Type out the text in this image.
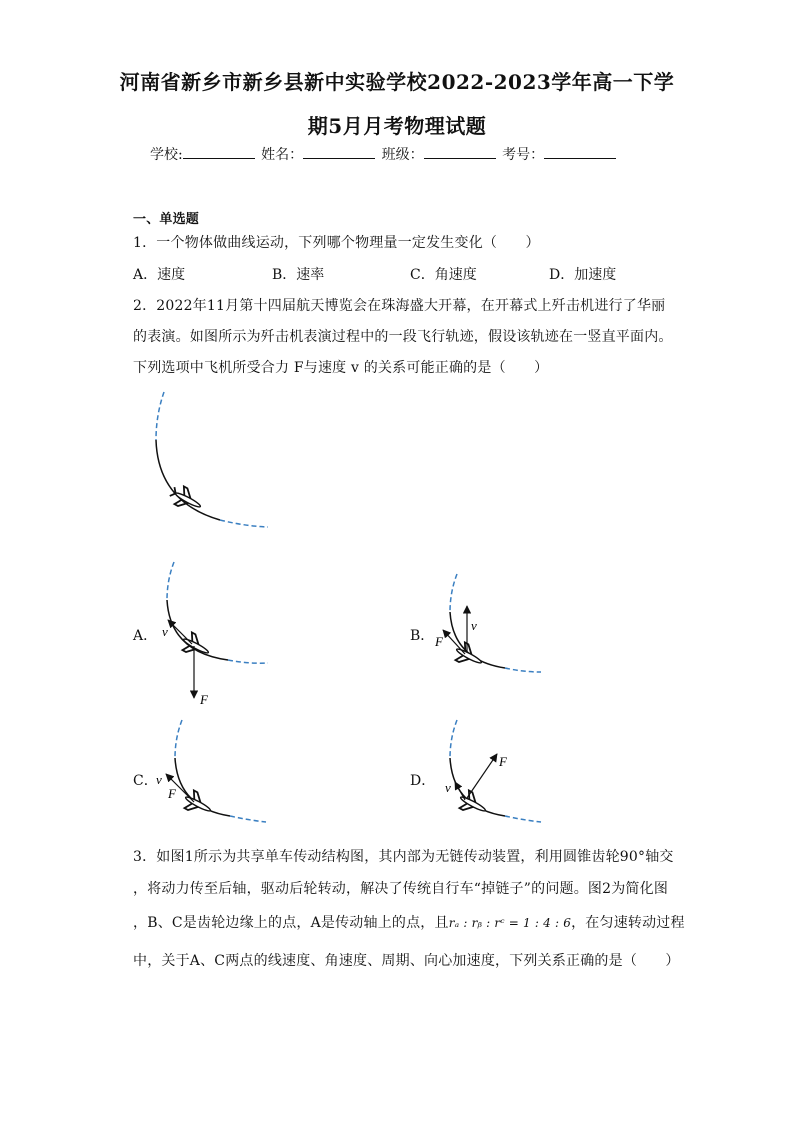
河南省新乡市新乡县新中实验学校2022-2023学年高一下学
期5月月考物理试题
学校:	姓名：	班级：	考号：
一、单选题
1．一个物体做曲线运动，下列哪个物理量一定发生变化（　　）
A．速度	B．速率	C．角速度	D．加速度
2．2022年11月第十四届航天博览会在珠海盛大开幕，在开幕式上歼击机进行了华丽
的表演。如图所示为歼击机表演过程中的一段飞行轨迹，假设该轨迹在一竖直平面内。
下列选项中飞机所受合力 F与速度 v 的关系可能正确的是（　　）
A． v
F
B．
v
F
C．
v
F
D．
F
v
3．如图1所示为共享单车传动结构图，其内部为无链传动装置，利用圆锥齿轮90°轴交
，将动力传至后轴，驱动后轮转动，解决了传统自行车“掉链子”的问题。图2为简化图
，B、C是齿轮边缘上的点，A是传动轴上的点，且rₐ : rᵦ : rᶜ = 1 : 4 : 6，在匀速转动过程
中，关于A、C两点的线速度、角速度、周期、向心加速度，下列关系正确的是（　　）
